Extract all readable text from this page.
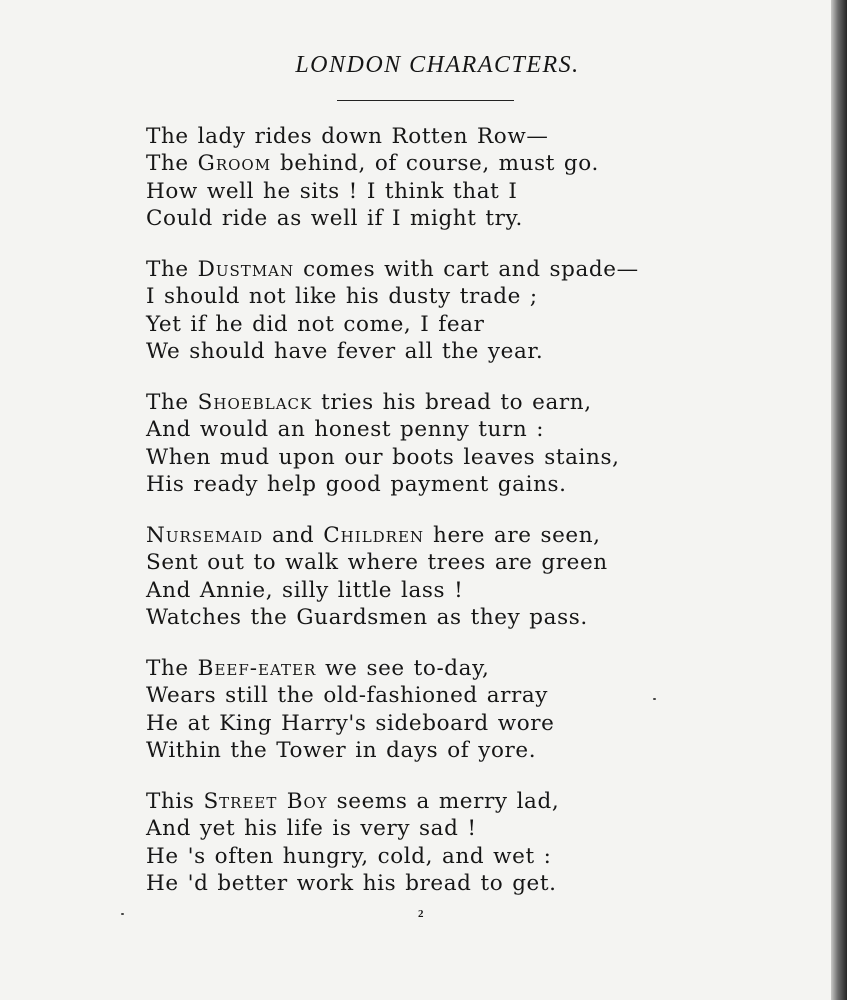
LONDON CHARACTERS.
The lady rides down Rotten Row—
The Groom behind, of course, must go.
How well he sits ! I think that I
Could ride as well if I might try.
The Dustman comes with cart and spade—
I should not like his dusty trade ;
Yet if he did not come, I fear
We should have fever all the year.
The Shoeblack tries his bread to earn,
And would an honest penny turn :
When mud upon our boots leaves stains,
His ready help good payment gains.
Nursemaid and Children here are seen,
Sent out to walk where trees are green
And Annie, silly little lass !
Watches the Guardsmen as they pass.
The Beef-eater we see to-day,
Wears still the old-fashioned array
He at King Harry's sideboard wore
Within the Tower in days of yore.
This Street Boy seems a merry lad,
And yet his life is very sad !
He 's often hungry, cold, and wet :
He 'd better work his bread to get.
2
